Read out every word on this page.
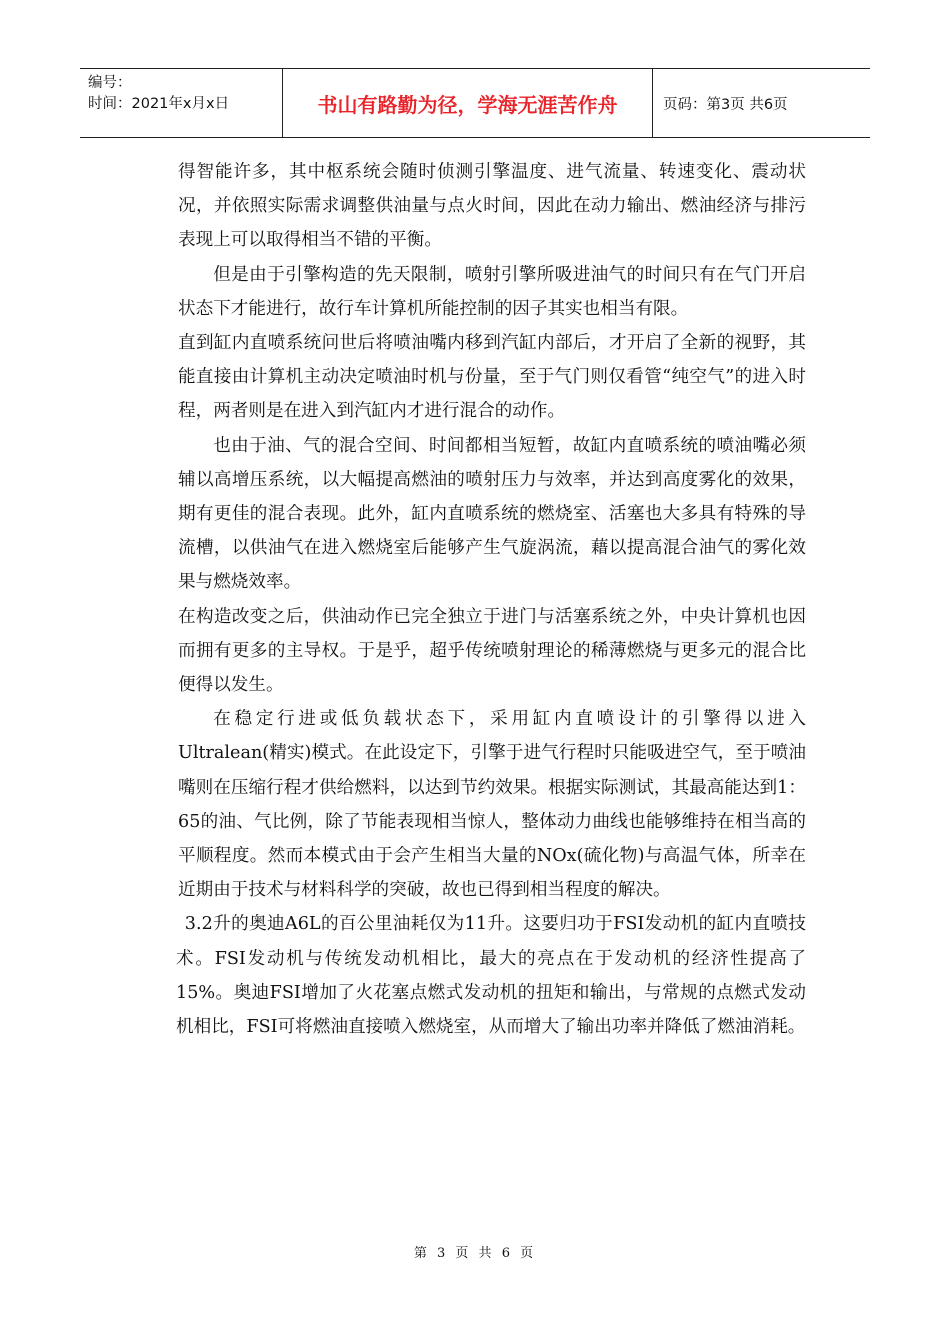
编号：
时间：2021年x月x日	书山有路勤为径，学海无涯苦作舟	页码：第3页 共6页

得智能许多，其中枢系统会随时侦测引擎温度、进气流量、转速变化、震动状况，并依照实际需求调整供油量与点火时间，因此在动力输出、燃油经济与排污表现上可以取得相当不错的平衡。

但是由于引擎构造的先天限制，喷射引擎所吸进油气的时间只有在气门开启状态下才能进行，故行车计算机所能控制的因子其实也相当有限。

直到缸内直喷系统问世后将喷油嘴内移到汽缸内部后，才开启了全新的视野，其能直接由计算机主动决定喷油时机与份量，至于气门则仅看管“纯空气”的进入时程，两者则是在进入到汽缸内才进行混合的动作。

也由于油、气的混合空间、时间都相当短暂，故缸内直喷系统的喷油嘴必须辅以高增压系统，以大幅提高燃油的喷射压力与效率，并达到高度雾化的效果，期有更佳的混合表现。此外，缸内直喷系统的燃烧室、活塞也大多具有特殊的导流槽，以供油气在进入燃烧室后能够产生气旋涡流，藉以提高混合油气的雾化效果与燃烧效率。

在构造改变之后，供油动作已完全独立于进门与活塞系统之外，中央计算机也因而拥有更多的主导权。于是乎，超乎传统喷射理论的稀薄燃烧与更多元的混合比便得以发生。

在稳定行进或低负载状态下，采用缸内直喷设计的引擎得以进入Ultralean(精实)模式。在此设定下，引擎于进气行程时只能吸进空气，至于喷油嘴则在压缩行程才供给燃料，以达到节约效果。根据实际测试，其最高能达到1：65的油、气比例，除了节能表现相当惊人，整体动力曲线也能够维持在相当高的平顺程度。然而本模式由于会产生相当大量的NOx(硫化物)与高温气体，所幸在近期由于技术与材料科学的突破，故也已得到相当程度的解决。

3.2升的奥迪A6L的百公里油耗仅为11升。这要归功于FSI发动机的缸内直喷技术。FSI发动机与传统发动机相比，最大的亮点在于发动机的经济性提高了15%。奥迪FSI增加了火花塞点燃式发动机的扭矩和输出，与常规的点燃式发动机相比，FSI可将燃油直接喷入燃烧室，从而增大了输出功率并降低了燃油消耗。

第 3 页 共 6 页
